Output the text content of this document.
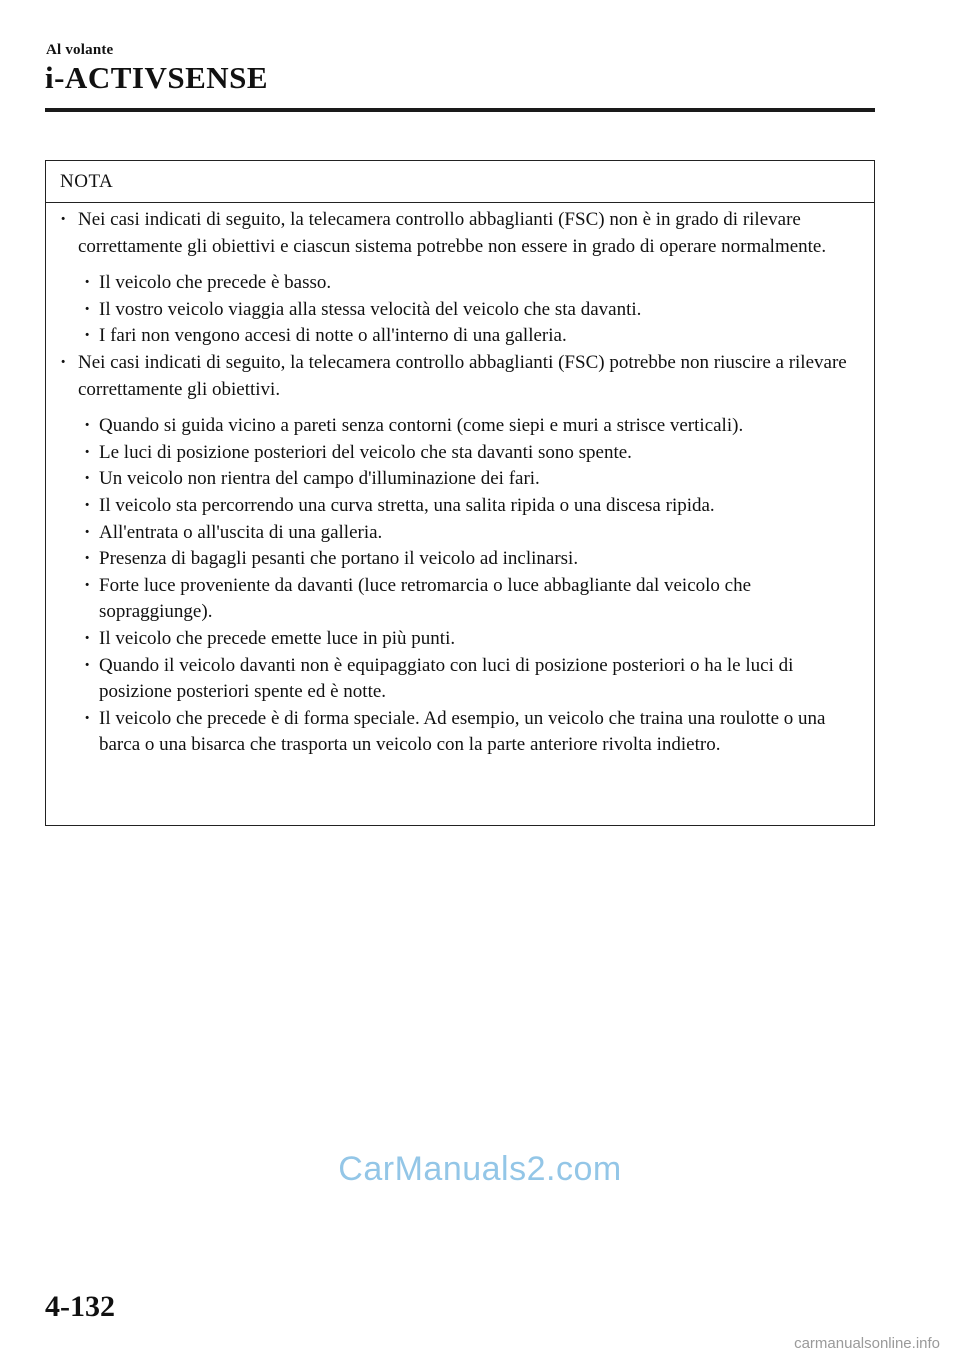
Al volante
i-ACTIVSENSE
NOTA
· Nei casi indicati di seguito, la telecamera controllo abbaglianti (FSC) non è in grado di rilevare correttamente gli obiettivi e ciascun sistema potrebbe non essere in grado di operare normalmente.
· Il veicolo che precede è basso.
· Il vostro veicolo viaggia alla stessa velocità del veicolo che sta davanti.
· I fari non vengono accesi di notte o all'interno di una galleria.
· Nei casi indicati di seguito, la telecamera controllo abbaglianti (FSC) potrebbe non riuscire a rilevare correttamente gli obiettivi.
· Quando si guida vicino a pareti senza contorni (come siepi e muri a strisce verticali).
· Le luci di posizione posteriori del veicolo che sta davanti sono spente.
· Un veicolo non rientra del campo d'illuminazione dei fari.
· Il veicolo sta percorrendo una curva stretta, una salita ripida o una discesa ripida.
· All'entrata o all'uscita di una galleria.
· Presenza di bagagli pesanti che portano il veicolo ad inclinarsi.
· Forte luce proveniente da davanti (luce retromarcia o luce abbagliante dal veicolo che sopraggiunge).
· Il veicolo che precede emette luce in più punti.
· Quando il veicolo davanti non è equipaggiato con luci di posizione posteriori o ha le luci di posizione posteriori spente ed è notte.
· Il veicolo che precede è di forma speciale. Ad esempio, un veicolo che traina una roulotte o una barca o una bisarca che trasporta un veicolo con la parte anteriore rivolta indietro.
CarManuals2.com
4-132
carmanualsonline.info
